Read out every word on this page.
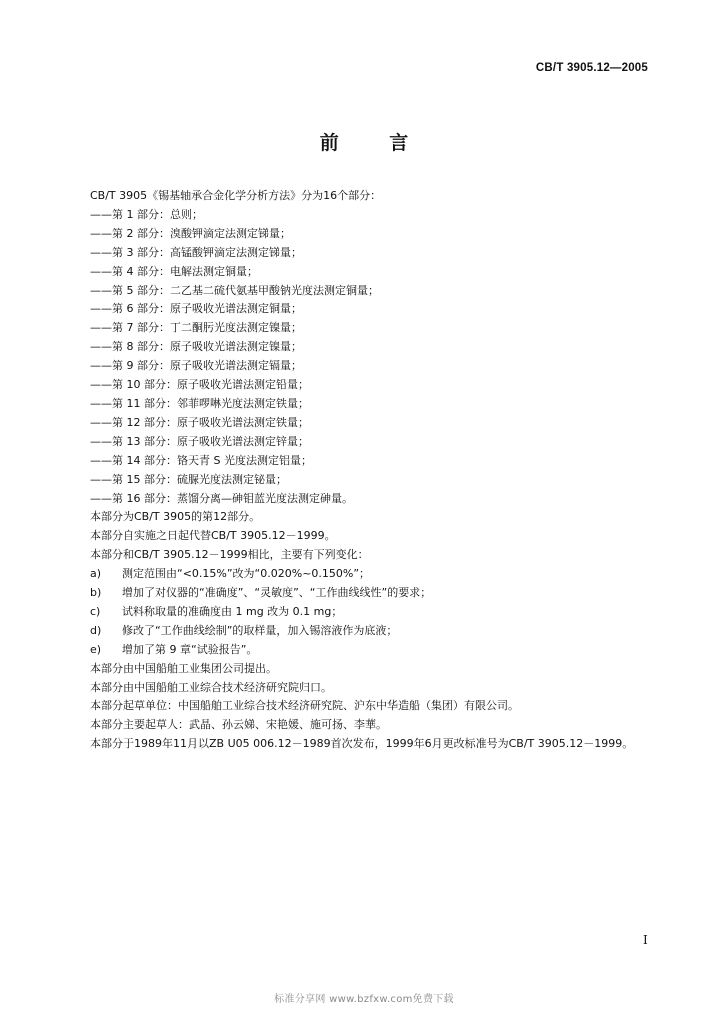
CB/T 3905.12—2005
前 言
CB/T 3905《锡基轴承合金化学分析方法》分为16个部分：
——第 1 部分：总则；
——第 2 部分：溴酸钾滴定法测定锑量；
——第 3 部分：高锰酸钾滴定法测定锑量；
——第 4 部分：电解法测定铜量；
——第 5 部分：二乙基二硫代氨基甲酸钠光度法测定铜量；
——第 6 部分：原子吸收光谱法测定铜量；
——第 7 部分：丁二酮肟光度法测定镍量；
——第 8 部分：原子吸收光谱法测定镍量；
——第 9 部分：原子吸收光谱法测定镉量；
——第 10 部分：原子吸收光谱法测定铅量；
——第 11 部分：邻菲啰啉光度法测定铁量；
——第 12 部分：原子吸收光谱法测定铁量；
——第 13 部分：原子吸收光谱法测定锌量；
——第 14 部分：铬天青 S 光度法测定铝量；
——第 15 部分：硫脲光度法测定铋量；
——第 16 部分：蒸馏分离—砷钼蓝光度法测定砷量。
本部分为CB/T 3905的第12部分。
本部分自实施之日起代替CB/T 3905.12－1999。
本部分和CB/T 3905.12－1999相比，主要有下列变化：
a)	测定范围由“<0.15%”改为“0.020%~0.150%”；
b)	增加了对仪器的“准确度”、“灵敏度”、“工作曲线线性”的要求；
c)	试料称取量的准确度由 1 mg 改为 0.1 mg；
d)	修改了“工作曲线绘制”的取样量，加入锡溶液作为底液；
e)	增加了第 9 章“试验报告”。
本部分由中国船舶工业集团公司提出。
本部分由中国船舶工业综合技术经济研究院归口。
本部分起草单位：中国船舶工业综合技术经济研究院、沪东中华造船（集团）有限公司。
本部分主要起草人：武晶、孙云娣、宋艳媛、施可扬、李華。
本部分于1989年11月以ZB U05 006.12－1989首次发布，1999年6月更改标准号为CB/T 3905.12－1999。
I
标准分享网 www.bzfxw.com免费下载
